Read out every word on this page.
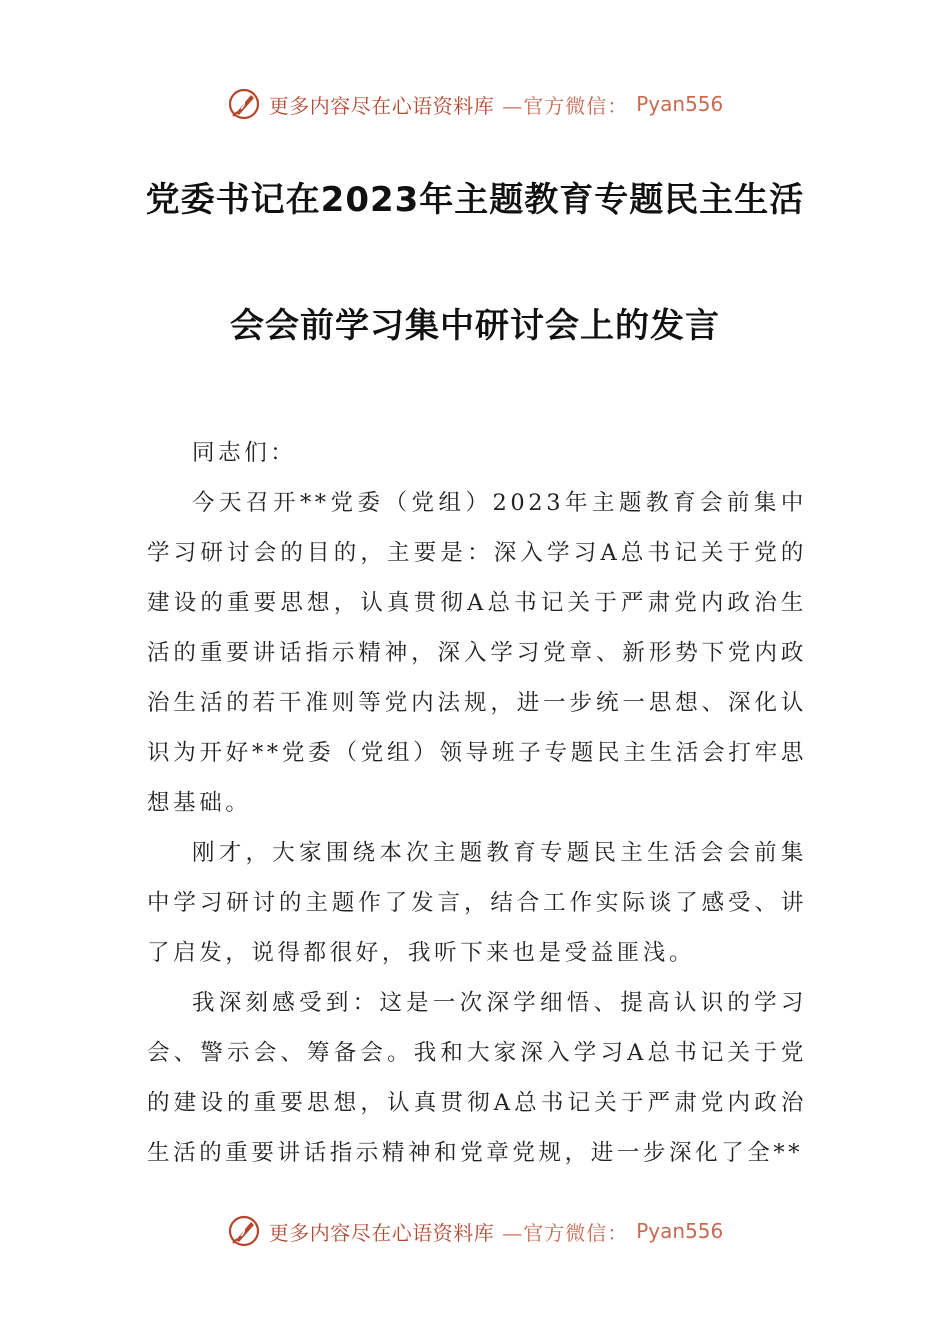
更多内容尽在心语资料库 —官方微信： Pyan556
党委书记在2023年主题教育专题民主生活
会会前学习集中研讨会上的发言

同志们：

今天召开**党委（党组）2023年主题教育会前集中学习研讨会的目的，主要是：深入学习A总书记关于党的建设的重要思想，认真贯彻A总书记关于严肃党内政治生活的重要讲话指示精神，深入学习党章、新形势下党内政治生活的若干准则等党内法规，进一步统一思想、深化认识为开好**党委（党组）领导班子专题民主生活会打牢思想基础。

刚才，大家围绕本次主题教育专题民主生活会会前集中学习研讨的主题作了发言，结合工作实际谈了感受、讲了启发，说得都很好，我听下来也是受益匪浅。

我深刻感受到：这是一次深学细悟、提高认识的学习会、警示会、筹备会。我和大家深入学习A总书记关于党的建设的重要思想，认真贯彻A总书记关于严肃党内政治生活的重要讲话指示精神和党章党规，进一步深化了全**

更多内容尽在心语资料库 —官方微信： Pyan556
